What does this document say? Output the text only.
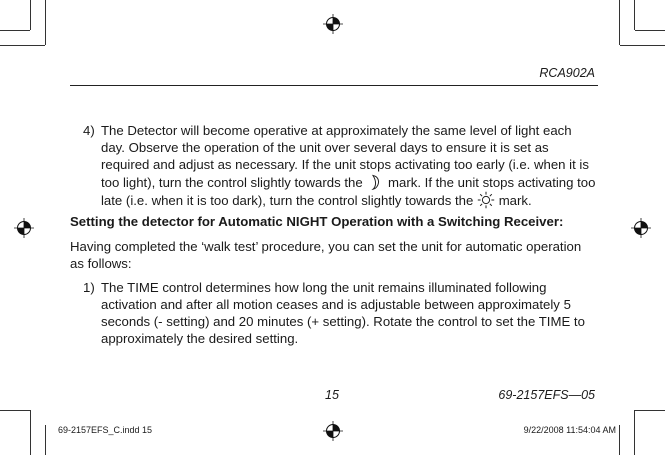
RCA902A
4) The Detector will become operative at approximately the same level of light each day. Observe the operation of the unit over several days to ensure it is set as required and adjust as necessary. If the unit stops activating too early (i.e. when it is too light), turn the control slightly towards the
mark. If the unit stops activating too late (i.e. when it is too dark), turn the control slightly towards the
mark.
Setting the detector for Automatic NIGHT Operation with a Switching Receiver:
Having completed the ‘walk test’ procedure, you can set the unit for automatic operation as follows:
1) The TIME control determines how long the unit remains illuminated following activation and after all motion ceases and is adjustable between approximately 5 seconds (- setting) and 20 minutes (+ setting). Rotate the control to set the TIME to approximately the desired setting.
15	69-2157EFS—05
69-2157EFS_C.indd 15	9/22/2008 11:54:04 AM
